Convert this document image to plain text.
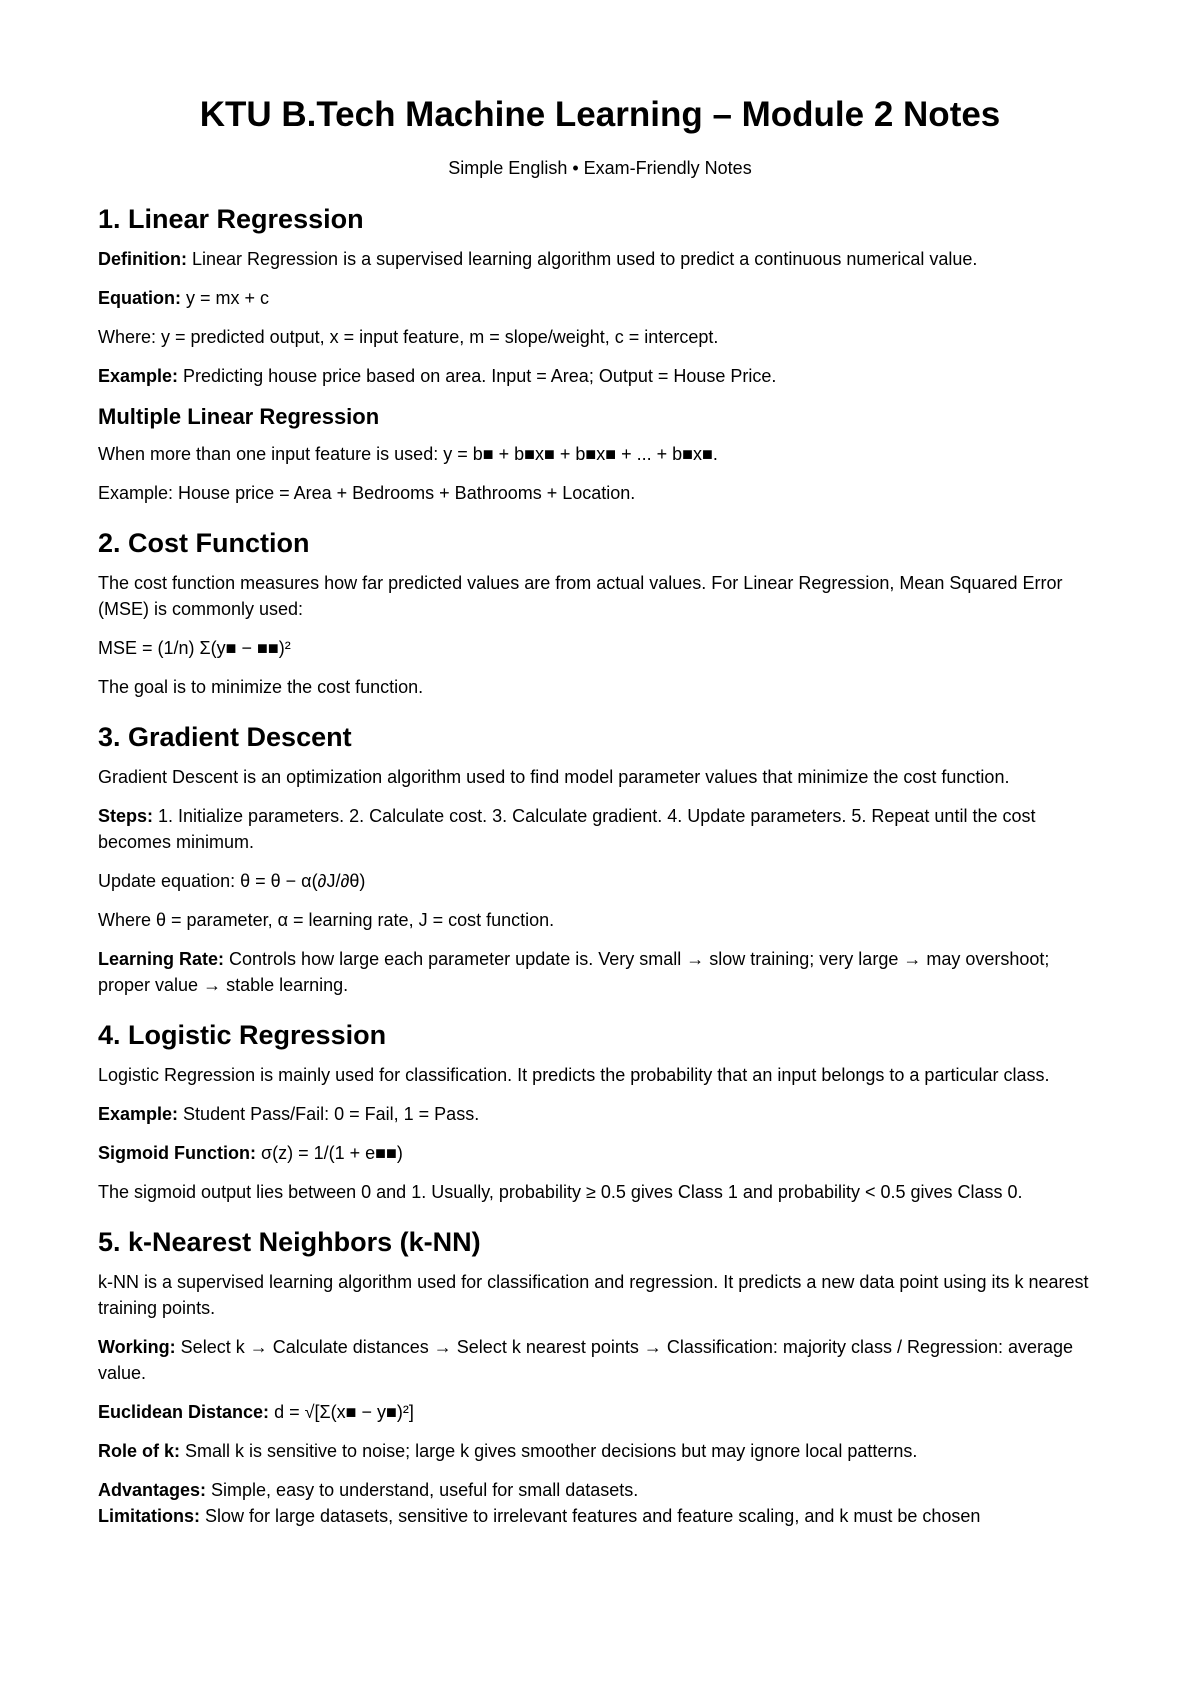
KTU B.Tech Machine Learning – Module 2 Notes

Simple English • Exam-Friendly Notes

1. Linear Regression

Definition: Linear Regression is a supervised learning algorithm used to predict a continuous numerical value.

Equation: y = mx + c

Where: y = predicted output, x = input feature, m = slope/weight, c = intercept.

Example: Predicting house price based on area. Input = Area; Output = House Price.

Multiple Linear Regression

When more than one input feature is used: y = b■ + b■x■ + b■x■ + ... + b■x■.

Example: House price = Area + Bedrooms + Bathrooms + Location.

2. Cost Function

The cost function measures how far predicted values are from actual values. For Linear Regression, Mean Squared Error (MSE) is commonly used:

MSE = (1/n) Σ(y■ − ■■)²

The goal is to minimize the cost function.

3. Gradient Descent

Gradient Descent is an optimization algorithm used to find model parameter values that minimize the cost function.

Steps: 1. Initialize parameters. 2. Calculate cost. 3. Calculate gradient. 4. Update parameters. 5. Repeat until the cost becomes minimum.

Update equation: θ = θ − α(∂J/∂θ)

Where θ = parameter, α = learning rate, J = cost function.

Learning Rate: Controls how large each parameter update is. Very small → slow training; very large → may overshoot; proper value → stable learning.

4. Logistic Regression

Logistic Regression is mainly used for classification. It predicts the probability that an input belongs to a particular class.

Example: Student Pass/Fail: 0 = Fail, 1 = Pass.

Sigmoid Function: σ(z) = 1/(1 + e■■)

The sigmoid output lies between 0 and 1. Usually, probability ≥ 0.5 gives Class 1 and probability < 0.5 gives Class 0.

5. k-Nearest Neighbors (k-NN)

k-NN is a supervised learning algorithm used for classification and regression. It predicts a new data point using its k nearest training points.

Working: Select k → Calculate distances → Select k nearest points → Classification: majority class / Regression: average value.

Euclidean Distance: d = √[Σ(x■ − y■)²]

Role of k: Small k is sensitive to noise; large k gives smoother decisions but may ignore local patterns.

Advantages: Simple, easy to understand, useful for small datasets.

Limitations: Slow for large datasets, sensitive to irrelevant features and feature scaling, and k must be chosen
